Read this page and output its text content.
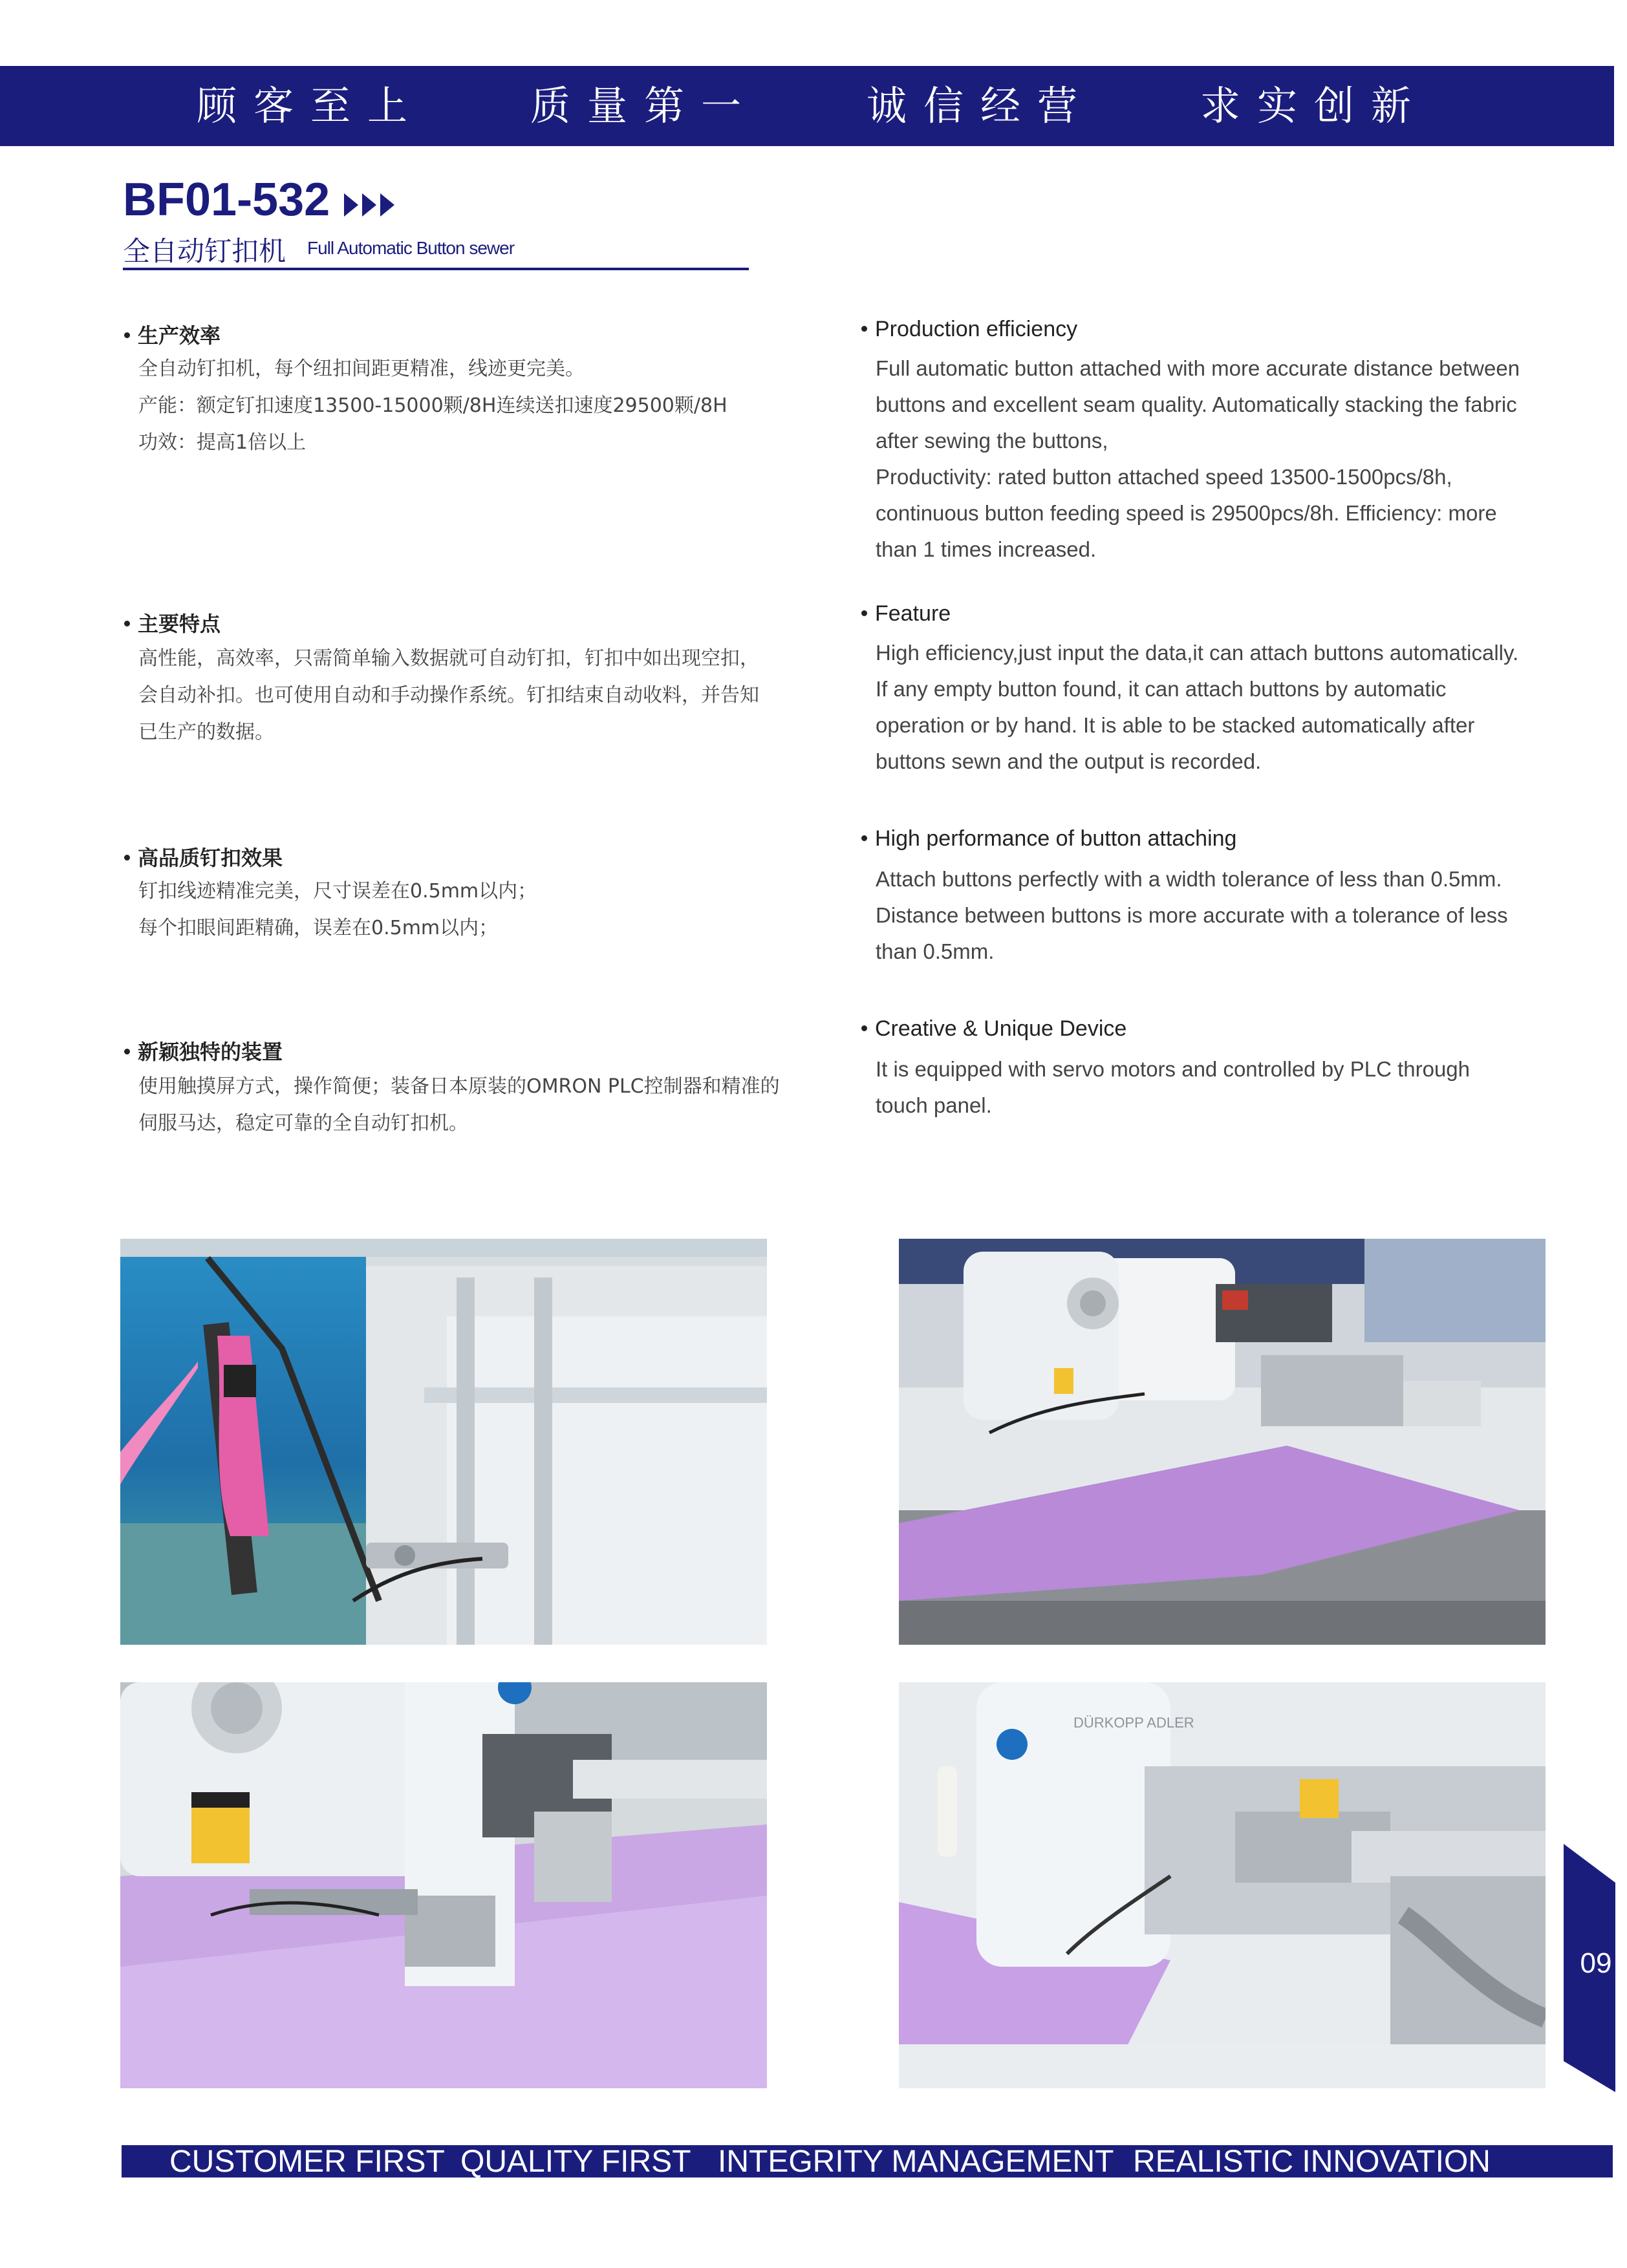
顾客至上	质量第一	诚信经营	求实创新
BF01-532
全自动钉扣机 Full Automatic Button sewer
生产效率
全自动钉扣机，每个纽扣间距更精准，线迹更完美。
产能：额定钉扣速度13500-15000颗/8H连续送扣速度29500颗/8H
功效：提高1倍以上
主要特点
高性能，高效率，只需简单输入数据就可自动钉扣，钉扣中如出现空扣，
会自动补扣。也可使用自动和手动操作系统。钉扣结束自动收料，并告知
已生产的数据。
高品质钉扣效果
钉扣线迹精准完美，尺寸误差在0.5mm以内；
每个扣眼间距精确，误差在0.5mm以内；
新颖独特的装置
使用触摸屏方式，操作简便；装备日本原装的OMRON PLC控制器和精准的
伺服马达，稳定可靠的全自动钉扣机。
Production efficiency
Full automatic button attached with more accurate distance between
buttons and excellent seam quality. Automatically stacking the fabric
after sewing the buttons,
Productivity: rated button attached speed 13500-1500pcs/8h,
continuous button feeding speed is 29500pcs/8h. Efficiency: more
than 1 times increased.
Feature
High efficiency,just input the data,it can attach buttons automatically.
If any empty button found, it can attach buttons by automatic
operation or by hand. It is able to be stacked automatically after
buttons sewn and the output is recorded.
High performance of button attaching
Attach buttons perfectly with a width tolerance of less than 0.5mm.
Distance between buttons is more accurate with a tolerance of less
than 0.5mm.
Creative & Unique Device
It is equipped with servo motors and controlled by PLC through
touch panel.
DÜRKOPP ADLER
09
CUSTOMER FIRST QUALITY FIRST INTEGRITY MANAGEMENT REALISTIC INNOVATION
